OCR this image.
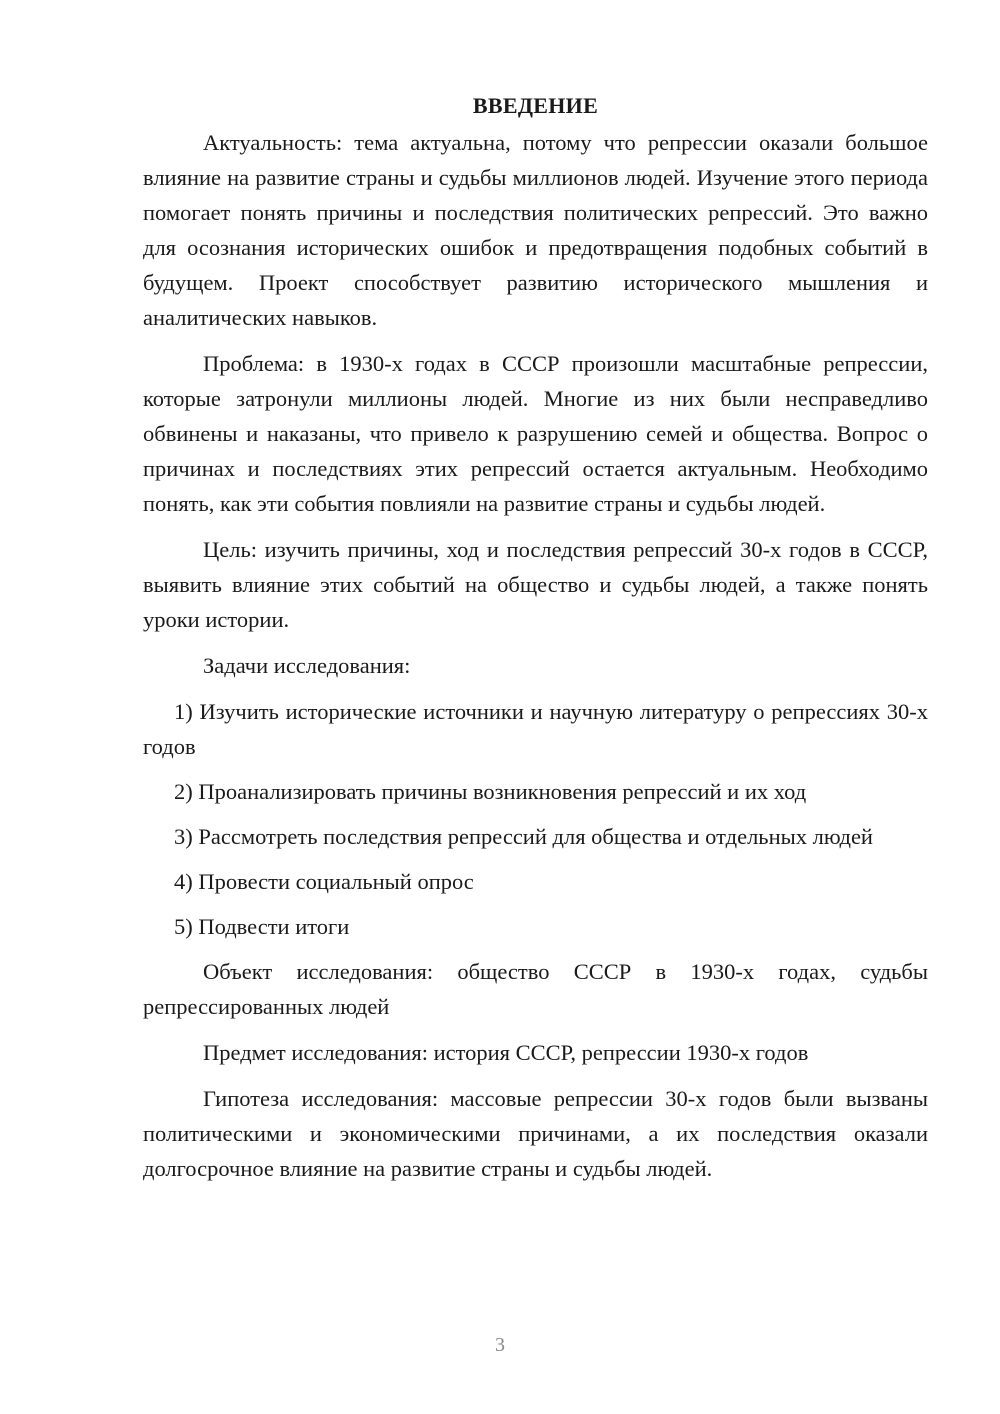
ВВЕДЕНИЕ

Актуальность: тема актуальна, потому что репрессии оказали большое влияние на развитие страны и судьбы миллионов людей. Изучение этого периода помогает понять причины и последствия политических репрессий. Это важно для осознания исторических ошибок и предотвращения подобных событий в будущем. Проект способствует развитию исторического мышления и аналитических навыков.

Проблема: в 1930-х годах в СССР произошли масштабные репрессии, которые затронули миллионы людей. Многие из них были несправедливо обвинены и наказаны, что привело к разрушению семей и общества. Вопрос о причинах и последствиях этих репрессий остается актуальным. Необходимо понять, как эти события повлияли на развитие страны и судьбы людей.

Цель: изучить причины, ход и последствия репрессий 30-х годов в СССР, выявить влияние этих событий на общество и судьбы людей, а также понять уроки истории.

Задачи исследования:

1) Изучить исторические источники и научную литературу о репрессиях 30-х годов

2) Проанализировать причины возникновения репрессий и их ход

3) Рассмотреть последствия репрессий для общества и отдельных людей

4) Провести социальный опрос

5) Подвести итоги

Объект исследования: общество СССР в 1930-х годах, судьбы репрессированных людей

Предмет исследования: история СССР, репрессии 1930-х годов

Гипотеза исследования: массовые репрессии 30-х годов были вызваны политическими и экономическими причинами, а их последствия оказали долгосрочное влияние на развитие страны и судьбы людей.

3
